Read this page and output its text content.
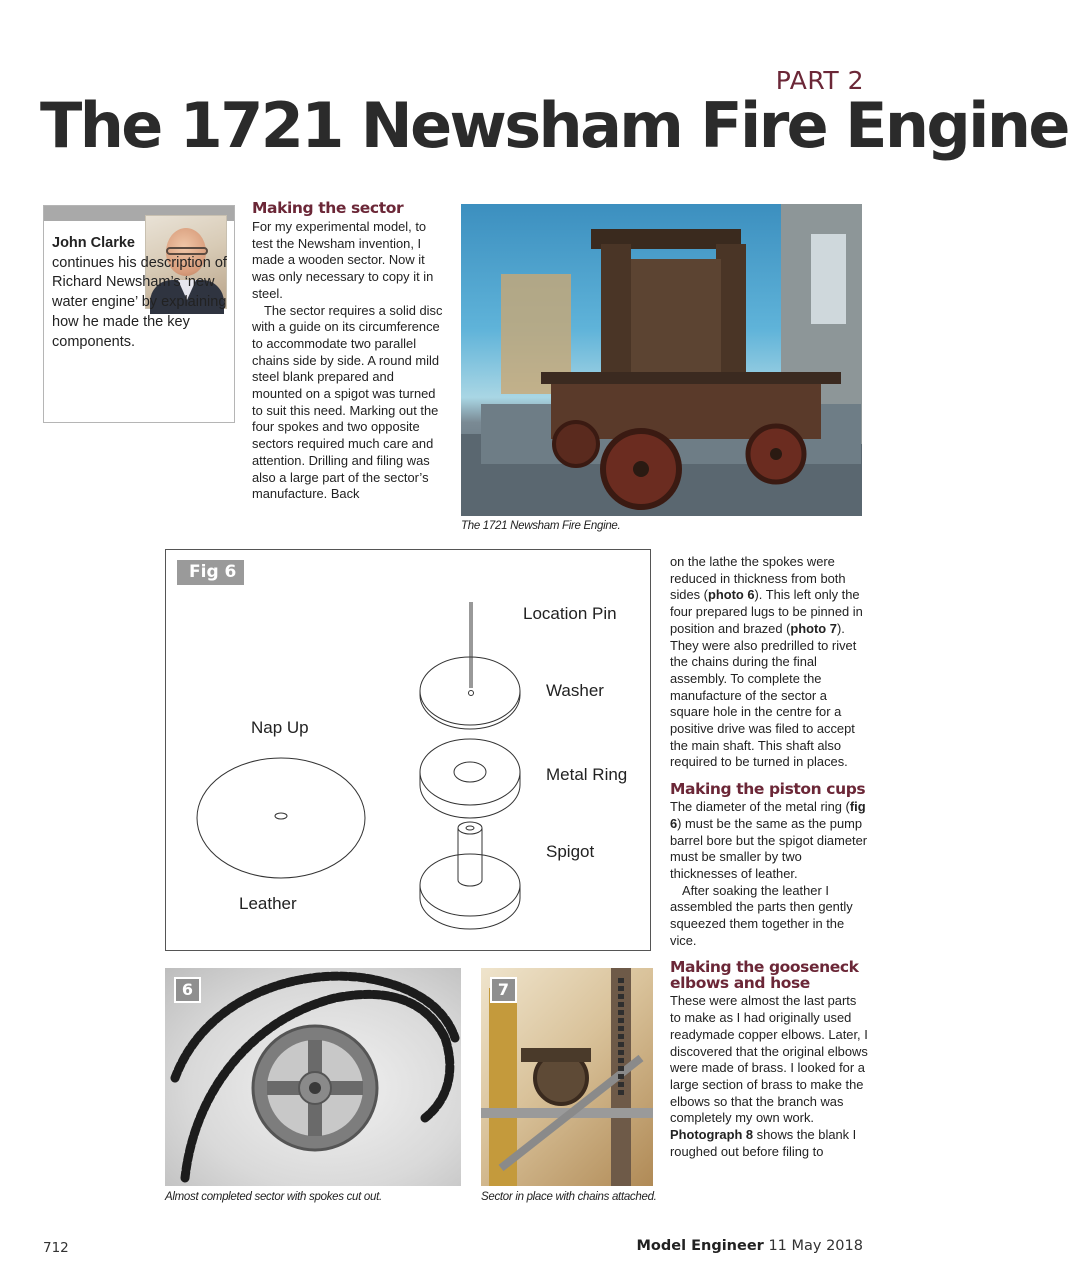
PART 2
The 1721 Newsham Fire Engine
John Clarke
continues his description of Richard Newsham’s ‘new water engine’ by explaining how he made the key components.
Making the sector

For my experimental model, to test the Newsham invention, I made a wooden sector. Now it was only necessary to copy it in steel.

The sector requires a solid disc with a guide on its circumference to accommodate two parallel chains side by side. A round mild steel blank prepared and mounted on a spigot was turned to suit this need. Marking out the four spokes and two opposite sectors required much care and attention. Drilling and filing was also a large part of the sector’s manufacture. Back

The 1721 Newsham Fire Engine.
Fig 6
Location Pin
Washer
Nap Up
Metal Ring
Spigot
Leather

on the lathe the spokes were reduced in thickness from both sides (photo 6). This left only the four prepared lugs to be pinned in position and brazed (photo 7). They were also predrilled to rivet the chains during the final assembly. To complete the manufacture of the sector a square hole in the centre for a positive drive was filed to accept the main shaft. This shaft also required to be turned in places.

Making the piston cups

The diameter of the metal ring (fig 6) must be the same as the pump barrel bore but the spigot diameter must be smaller by two thicknesses of leather.

After soaking the leather I assembled the parts then gently squeezed them together in the vice.

Making the gooseneck
elbows and hose

These were almost the last parts to make as I had originally used readymade copper elbows. Later, I discovered that the original elbows were made of brass. I looked for a large section of brass to make the elbows so that the branch was completely my own work. Photograph 8 shows the blank I roughed out before filing to

6
Almost completed sector with spokes cut out.
7
Sector in place with chains attached.
712	Model Engineer 11 May 2018
